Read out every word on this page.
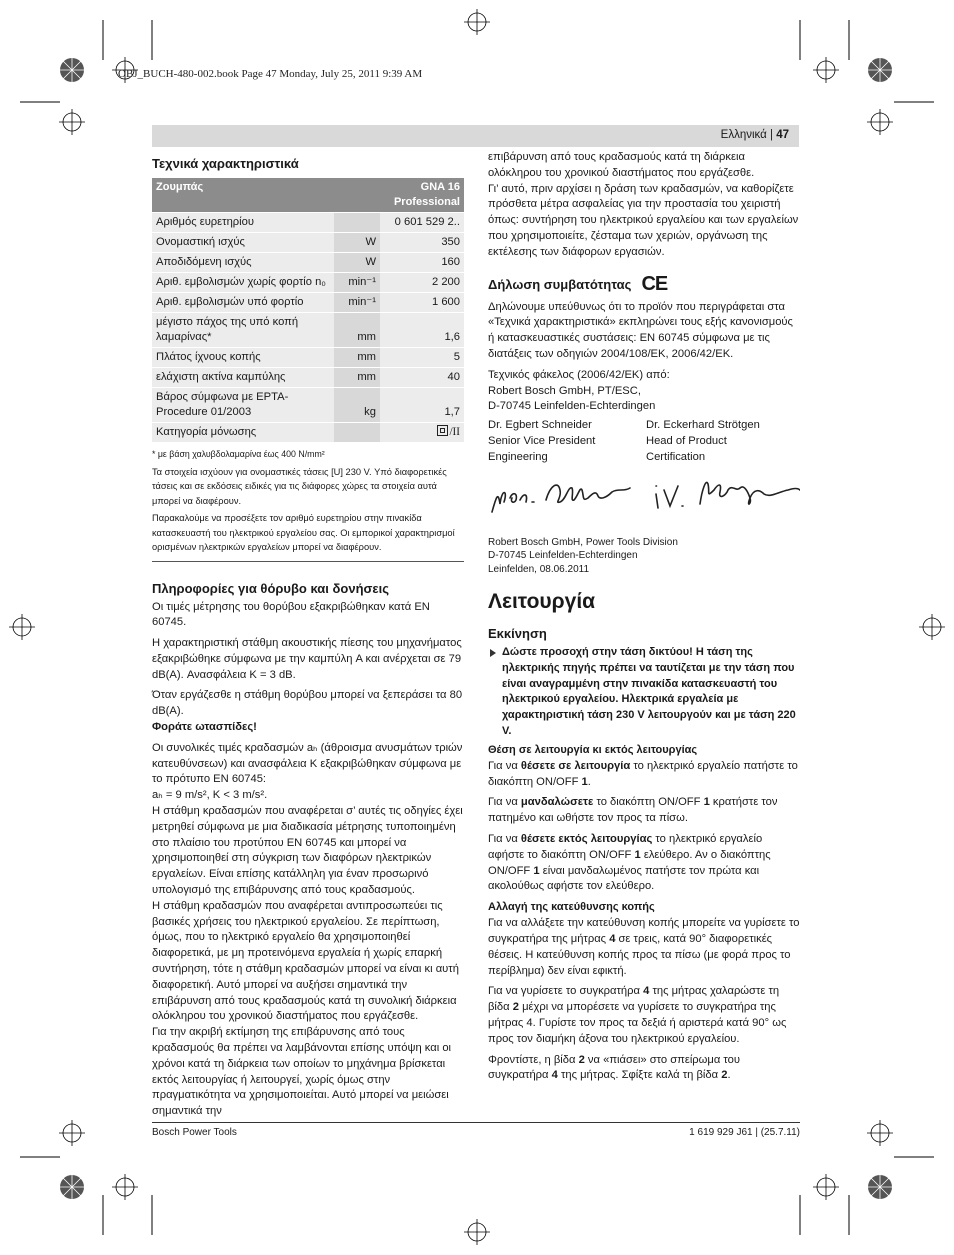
OBJ_BUCH-480-002.book Page 47 Monday, July 25, 2011 9:39 AM
Ελληνικά | 47
Τεχνικά χαρακτηριστικά
Ζουμπάς		GNA 16
Professional

Αριθμός ευρετηρίου		0 601 529 2..
Ονομαστική ισχύς	W	350
Αποδιδόμενη ισχύς	W	160
Αριθ. εμβολισμών χωρίς φορτίο n₀	min⁻¹	2 200
Αριθ. εμβολισμών υπό φορτίο	min⁻¹	1 600
μέγιστο πάχος της υπό κοπή λαμαρίνας*	mm	1,6
Πλάτος ίχνους κοπής	mm	5
ελάχιστη ακτίνα καμπύλης	mm	40
Βάρος σύμφωνα με EPTA-Procedure 01/2003	kg	1,7
Κατηγορία μόνωσης		/II

* με βάση χαλυβδολαμαρίνα έως 400 N/mm²

Τα στοιχεία ισχύουν για ονομαστικές τάσεις [U] 230 V. Υπό διαφορετικές τάσεις και σε εκδόσεις ειδικές για τις διάφορες χώρες τα στοιχεία αυτά μπορεί να διαφέρουν.

Παρακαλούμε να προσέξετε τον αριθμό ευρετηρίου στην πινακίδα κατασκευαστή του ηλεκτρικού εργαλείου σας. Οι εμπορικοί χαρακτηρισμοί ορισμένων ηλεκτρικών εργαλείων μπορεί να διαφέρουν.

Πληροφορίες για θόρυβο και δονήσεις

Οι τιμές μέτρησης του θορύβου εξακριβώθηκαν κατά EN 60745.

Η χαρακτηριστική στάθμη ακουστικής πίεσης του μηχανήματος εξακριβώθηκε σύμφωνα με την καμπύλη A και ανέρχεται σε 79 dB(A). Ανασφάλεια K = 3 dB.

Όταν εργάζεσθε η στάθμη θορύβου μπορεί να ξεπεράσει τα 80 dB(A).

Φοράτε ωτασπίδες!

Οι συνολικές τιμές κραδασμών aₕ (άθροισμα ανυσμάτων τριών κατευθύνσεων) και ανασφάλεια K εξακριβώθηκαν σύμφωνα με το πρότυπο EN 60745:

aₕ = 9 m/s², K < 3 m/s².

Η στάθμη κραδασμών που αναφέρεται σ’ αυτές τις οδηγίες έχει μετρηθεί σύμφωνα με μια διαδικασία μέτρησης τυποποιημένη στο πλαίσιο του προτύπου EN 60745 και μπορεί να χρησιμοποιηθεί στη σύγκριση των διαφόρων ηλεκτρικών εργαλείων. Είναι επίσης κατάλληλη για έναν προσωρινό υπολογισμό της επιβάρυνσης από τους κραδασμούς.

Η στάθμη κραδασμών που αναφέρεται αντιπροσωπεύει τις βασικές χρήσεις του ηλεκτρικού εργαλείου. Σε περίπτωση, όμως, που το ηλεκτρικό εργαλείο θα χρησιμοποιηθεί διαφορετικά, με μη προτεινόμενα εργαλεία ή χωρίς επαρκή συντήρηση, τότε η στάθμη κραδασμών μπορεί να είναι κι αυτή διαφορετική. Αυτό μπορεί να αυξήσει σημαντικά την επιβάρυνση από τους κραδασμούς κατά τη συνολική διάρκεια ολόκληρου του χρονικού διαστήματος που εργάζεσθε.

Για την ακριβή εκτίμηση της επιβάρυνσης από τους κραδασμούς θα πρέπει να λαμβάνονται επίσης υπόψη και οι χρόνοι κατά τη διάρκεια των οποίων το μηχάνημα βρίσκεται εκτός λειτουργίας ή λειτουργεί, χωρίς όμως στην πραγματικότητα να χρησιμοποιείται. Αυτό μπορεί να μειώσει σημαντικά την

επιβάρυνση από τους κραδασμούς κατά τη διάρκεια ολόκληρου του χρονικού διαστήματος που εργάζεσθε.

Γι’ αυτό, πριν αρχίσει η δράση των κραδασμών, να καθορίζετε πρόσθετα μέτρα ασφαλείας για την προστασία του χειριστή όπως: συντήρηση του ηλεκτρικού εργαλείου και των εργαλείων που χρησιμοποιείτε, ζέσταμα των χεριών, οργάνωση της εκτέλεσης των διάφορων εργασιών.

Δήλωση συμβατότητας CE

Δηλώνουμε υπεύθυνως ότι το προϊόν που περιγράφεται στα «Τεχνικά χαρακτηριστικά» εκπληρώνει τους εξής κανονισμούς ή κατασκευαστικές συστάσεις: EN 60745 σύμφωνα με τις διατάξεις των οδηγιών 2004/108/ΕΚ, 2006/42/ΕΚ.

Τεχνικός φάκελος (2006/42/ΕΚ) από:

Robert Bosch GmbH, PT/ESC,

D-70745 Leinfelden-Echterdingen

Dr. Egbert Schneider

Senior Vice President

Engineering

Dr. Eckerhard Strötgen

Head of Product

Certification

Robert Bosch GmbH, Power Tools Division
D-70745 Leinfelden-Echterdingen
Leinfelden, 08.06.2011
Λειτουργία
Εκκίνηση

Δώστε προσοχή στην τάση δικτύου! Η τάση της ηλεκτρικής πηγής πρέπει να ταυτίζεται με την τάση που είναι αναγραμμένη στην πινακίδα κατασκευαστή του ηλεκτρικού εργαλείου. Ηλεκτρικά εργαλεία με χαρακτηριστική τάση 230 V λειτουργούν και με τάση 220 V.

Θέση σε λειτουργία κι εκτός λειτουργίας

Για να θέσετε σε λειτουργία το ηλεκτρικό εργαλείο πατήστε το διακόπτη ON/OFF 1.

Για να μανδαλώσετε το διακόπτη ON/OFF 1 κρατήστε τον πατημένο και ωθήστε τον προς τα πίσω.

Για να θέσετε εκτός λειτουργίας το ηλεκτρικό εργαλείο αφήστε το διακόπτη ON/OFF 1 ελεύθερο. Αν ο διακόπτης ON/OFF 1 είναι μανδαλωμένος πατήστε τον πρώτα και ακολούθως αφήστε τον ελεύθερο.

Αλλαγή της κατεύθυνσης κοπής

Για να αλλάξετε την κατεύθυνση κοπής μπορείτε να γυρίσετε το συγκρατήρα της μήτρας 4 σε τρεις, κατά 90° διαφορετικές θέσεις. Η κατεύθυνση κοπής προς τα πίσω (με φορά προς το περίβλημα) δεν είναι εφικτή.

Για να γυρίσετε το συγκρατήρα 4 της μήτρας χαλαρώστε τη βίδα 2 μέχρι να μπορέσετε να γυρίσετε το συγκρατήρα της μήτρας 4. Γυρίστε τον προς τα δεξιά ή αριστερά κατά 90° ως προς τον διαμήκη άξονα του ηλεκτρικού εργαλείου.

Φροντίστε, η βίδα 2 να «πιάσει» στο σπείρωμα του συγκρατήρα 4 της μήτρας. Σφίξτε καλά τη βίδα 2.

Bosch Power Tools	1 619 929 J61 | (25.7.11)
